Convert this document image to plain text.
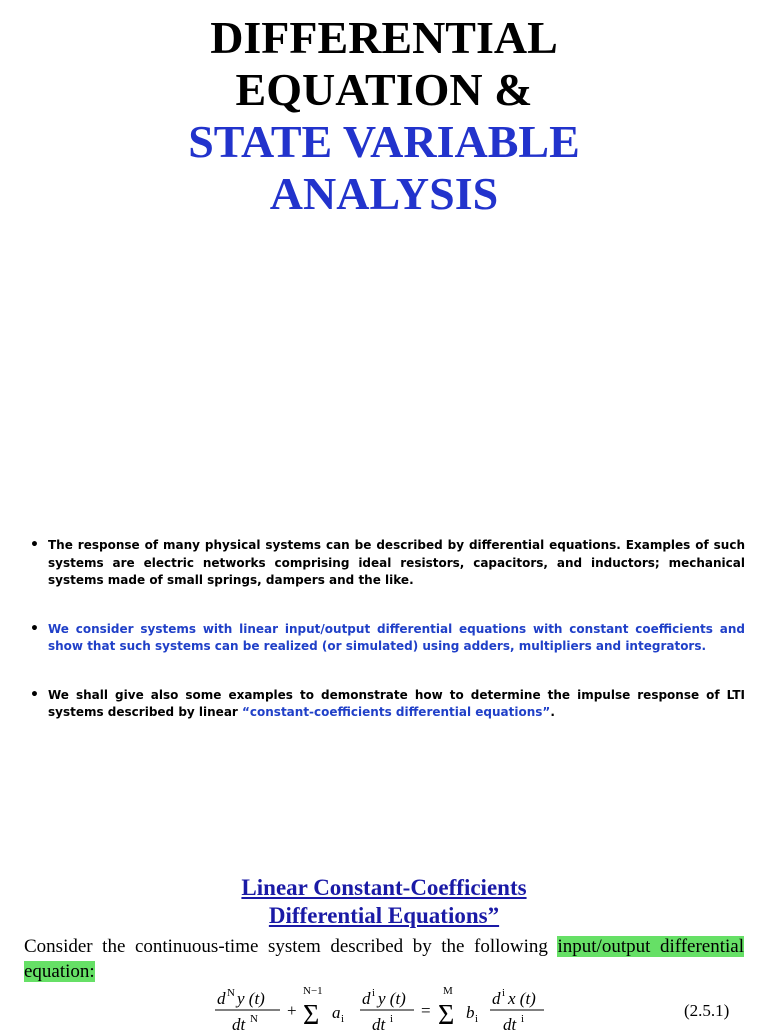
DIFFERENTIAL
EQUATION &
STATE VARIABLE
ANALYSIS

• The response of many physical systems can be described by differential equations. Examples of such systems are electric networks comprising ideal resistors, capacitors, and inductors; mechanical systems made of small springs, dampers and the like.

• We consider systems with linear input/output differential equations with constant coefficients and show that such systems can be realized (or simulated) using adders, multipliers and integrators.

• We shall give also some examples to demonstrate how to determine the impulse response of LTI systems described by linear “constant-coefficients differential equations”.

Linear Constant-Coefficients
Differential Equations”
Consider the continuous-time system described by the following input/output differential equation:
d N y (t)
dt N +
N−1
Σ a i
d i y (t)
dt i =
M
Σ b i
d i x (t)
dt i	(2.5.1)
